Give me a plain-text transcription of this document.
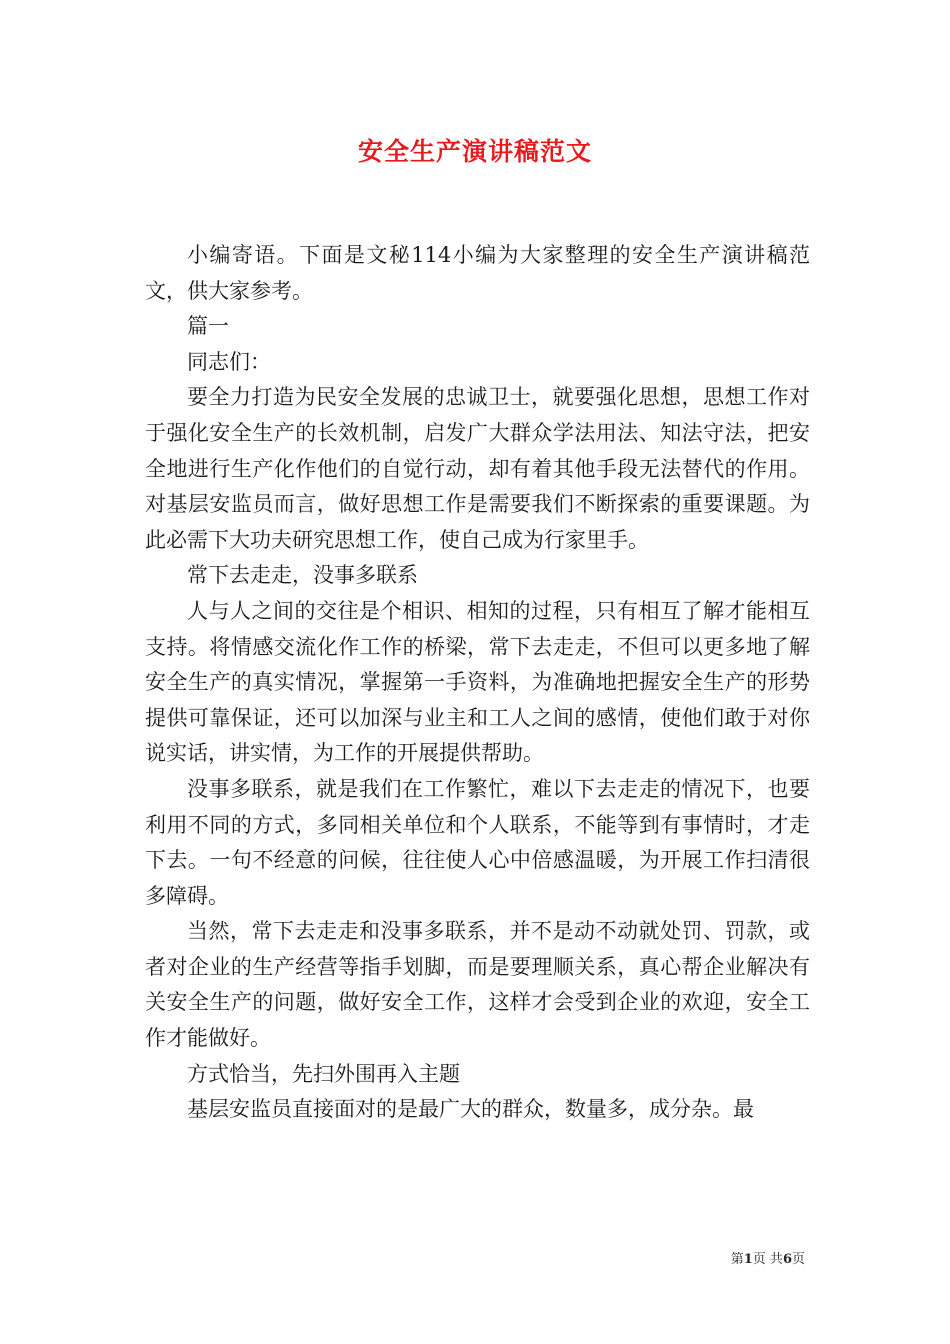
安全生产演讲稿范文

小编寄语。下面是文秘114小编为大家整理的安全生产演讲稿范文，供大家参考。

篇一

同志们：

要全力打造为民安全发展的忠诚卫士，就要强化思想，思想工作对于强化安全生产的长效机制，启发广大群众学法用法、知法守法，把安全地进行生产化作他们的自觉行动，却有着其他手段无法替代的作用。对基层安监员而言，做好思想工作是需要我们不断探索的重要课题。为此必需下大功夫研究思想工作，使自己成为行家里手。

常下去走走，没事多联系

人与人之间的交往是个相识、相知的过程，只有相互了解才能相互支持。将情感交流化作工作的桥梁，常下去走走，不但可以更多地了解安全生产的真实情况，掌握第一手资料，为准确地把握安全生产的形势提供可靠保证，还可以加深与业主和工人之间的感情，使他们敢于对你说实话，讲实情，为工作的开展提供帮助。

没事多联系，就是我们在工作繁忙，难以下去走走的情况下，也要利用不同的方式，多同相关单位和个人联系，不能等到有事情时，才走下去。一句不经意的问候，往往使人心中倍感温暖，为开展工作扫清很多障碍。

当然，常下去走走和没事多联系，并不是动不动就处罚、罚款，或者对企业的生产经营等指手划脚，而是要理顺关系，真心帮企业解决有关安全生产的问题，做好安全工作，这样才会受到企业的欢迎，安全工作才能做好。

方式恰当，先扫外围再入主题

基层安监员直接面对的是最广大的群众，数量多，成分杂。最

第1页 共6页
